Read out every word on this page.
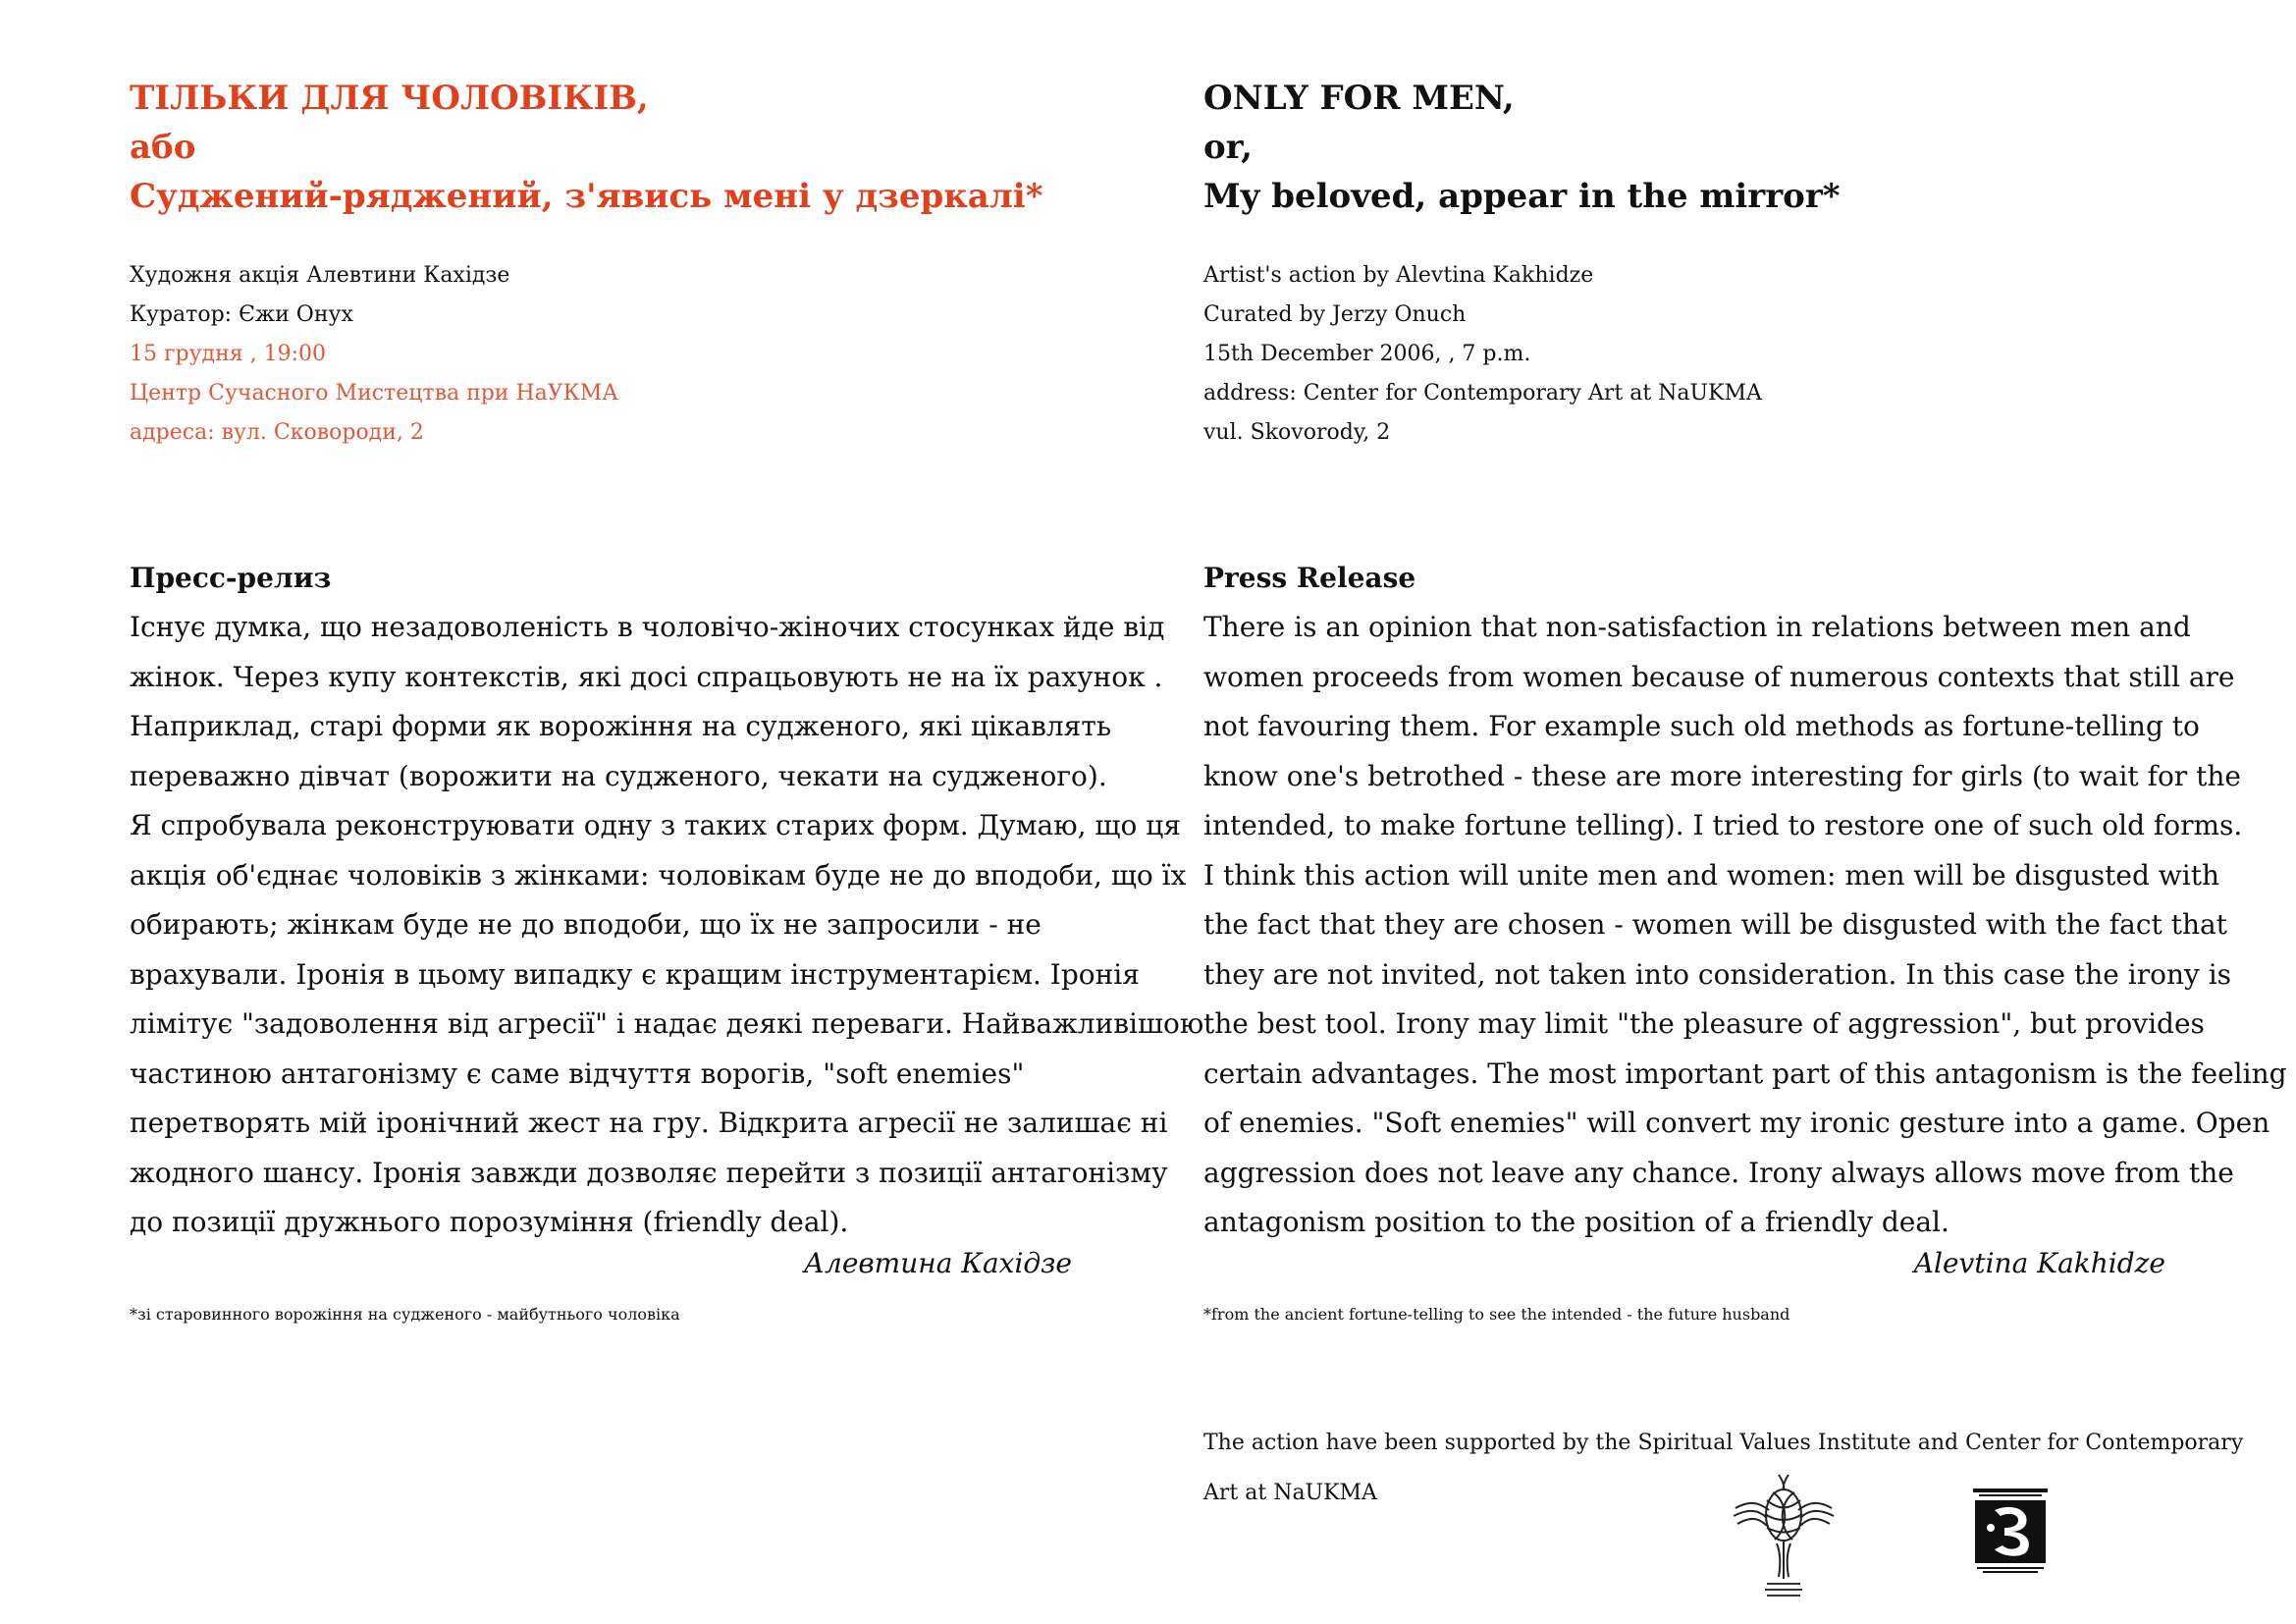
ТІЛЬКИ ДЛЯ ЧОЛОВІКІВ,
або
Суджений-ряджений, з'явись мені у дзеркалі*
Художня акція Алевтини Кахідзе
Куратор: Єжи Онух
15 грудня , 19:00
Центр Сучасного Мистецтва при НаУКМА
адреса: вул. Сковороди, 2
Пресс-релиз
Існує думка, що незадоволеність в чоловічо-жіночих стосунках йде від
жінок. Через купу контекстів, які досі спрацьовують не на їх рахунок .
Наприклад, старі форми як ворожіння на судженого, які цікавлять
переважно дівчат (ворожити на судженого, чекати на судженого).
Я спробувала реконструювати одну з таких старих форм. Думаю, що ця
акція об'єднає чоловіків з жінками: чоловікам буде не до вподоби, що їх
обирають; жінкам буде не до вподоби, що їх не запросили - не
врахували. Іронія в цьому випадку є кращим інструментарієм. Іронія
лімітує "задоволення від агресії" і надає деякі переваги. Найважливішою
частиною антагонізму є саме відчуття ворогів, "soft enemies"
перетворять мій іронічний жест на гру. Відкрита агресії не залишає ні
жодного шансу. Іронія завжди дозволяє перейти з позиції антагонізму
до позиції дружнього порозуміння (friendly deal).
Алевтина Кахідзе
*зі старовинного ворожіння на судженого - майбутнього чоловіка
ONLY FOR MEN,
or,
My beloved, appear in the mirror*
Artist's action by Alevtina Kakhidze
Curated by Jerzy Onuch
15th December 2006, , 7 p.m.
address: Center for Contemporary Art at NaUKMA
vul. Skovorody, 2
Press Release
There is an opinion that non-satisfaction in relations between men and
women proceeds from women because of numerous contexts that still are
not favouring them. For example such old methods as fortune-telling to
know one's betrothed - these are more interesting for girls (to wait for the
intended, to make fortune telling). I tried to restore one of such old forms.
I think this action will unite men and women: men will be disgusted with
the fact that they are chosen - women will be disgusted with the fact that
they are not invited, not taken into consideration. In this case the irony is
the best tool. Irony may limit "the pleasure of aggression", but provides
certain advantages. The most important part of this antagonism is the feeling
of enemies. "Soft enemies" will convert my ironic gesture into a game. Open
aggression does not leave any chance. Irony always allows move from the
antagonism position to the position of a friendly deal.
Alevtina Kakhidze
*from the ancient fortune-telling to see the intended - the future husband
The action have been supported by the Spiritual Values Institute and Center for Contemporary
Art at NaUKMA
